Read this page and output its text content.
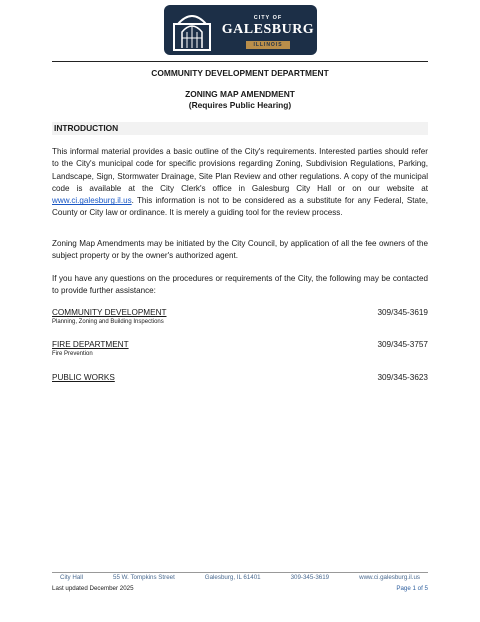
CITY OF
GALESBURG
ILLINOIS
COMMUNITY DEVELOPMENT DEPARTMENT
ZONING MAP AMENDMENT
(Requires Public Hearing)
INTRODUCTION
This informal material provides a basic outline of the City's requirements. Interested parties should refer to the City's municipal code for specific provisions regarding Zoning, Subdivision Regulations, Parking, Landscape, Sign, Stormwater Drainage, Site Plan Review and other regulations. A copy of the municipal code is available at the City Clerk's office in Galesburg City Hall or on our website at www.ci.galesburg.il.us. This information is not to be considered as a substitute for any Federal, State, County or City law or ordinance. It is merely a guiding tool for the review process.
Zoning Map Amendments may be initiated by the City Council, by application of all the fee owners of the subject property or by the owner's authorized agent.
If you have any questions on the procedures or requirements of the City, the following may be contacted to provide further assistance:
COMMUNITY DEVELOPMENT	309/345-3619
Planning, Zoning and Building Inspections
FIRE DEPARTMENT	309/345-3757
Fire Prevention
PUBLIC WORKS	309/345-3623
City Hall	55 W. Tompkins Street	Galesburg, IL 61401	309-345-3619	www.ci.galesburg.il.us
Last updated December 2025	Page 1 of 5
